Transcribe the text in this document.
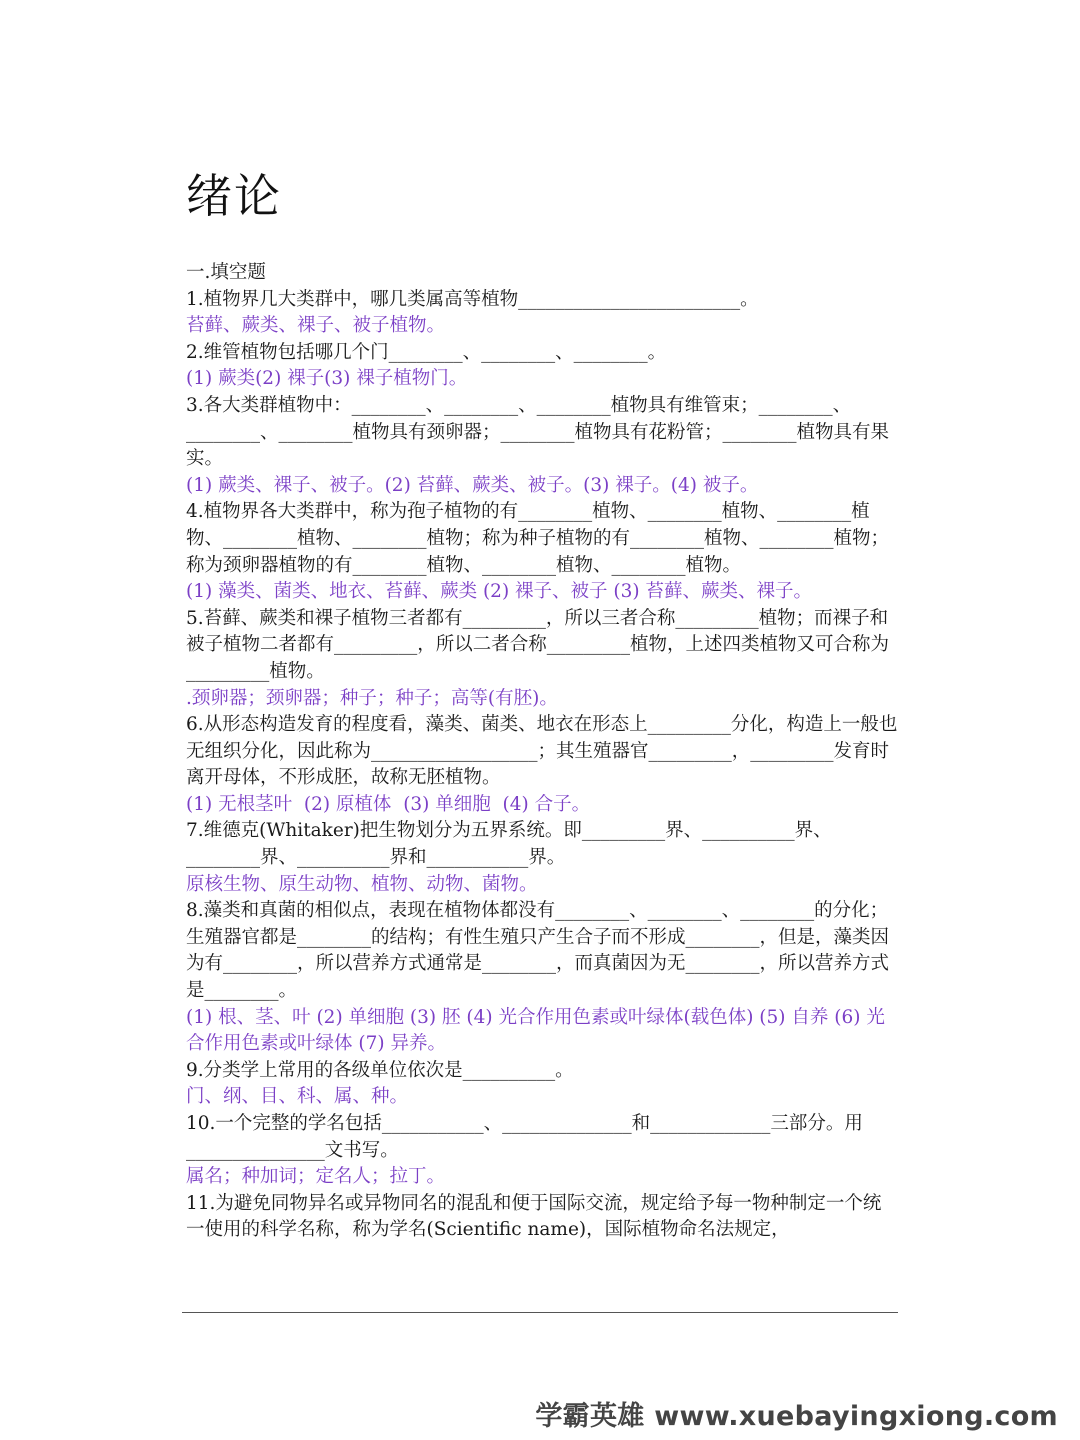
绪论

一.填空题

1.植物界几大类群中，哪几类属高等植物________________________。

苔藓、蕨类、裸子、被子植物。

2.维管植物包括哪几个门________、________、________。

(1) 蕨类(2) 裸子(3) 裸子植物门。

3.各大类群植物中：________、________、________植物具有维管束；________、________、________植物具有颈卵器；________植物具有花粉管；________植物具有果实。

(1) 蕨类、裸子、被子。(2) 苔藓、蕨类、被子。(3) 裸子。(4) 被子。

4.植物界各大类群中，称为孢子植物的有________植物、________植物、________植物、________植物、________植物；称为种子植物的有________植物、________植物；称为颈卵器植物的有________植物、________植物、________植物。

(1) 藻类、菌类、地衣、苔藓、蕨类 (2) 裸子、被子 (3) 苔藓、蕨类、裸子。

5.苔藓、蕨类和裸子植物三者都有_________，所以三者合称_________植物；而裸子和被子植物二者都有_________，所以二者合称_________植物，上述四类植物又可合称为_________植物。

.颈卵器；颈卵器；种子；种子；高等(有胚)。

6.从形态构造发育的程度看，藻类、菌类、地衣在形态上_________分化，构造上一般也无组织分化，因此称为__________________；其生殖器官_________，_________发育时离开母体，不形成胚，故称无胚植物。

(1) 无根茎叶  (2) 原植体  (3) 单细胞  (4) 合子。

7.维德克(Whitaker)把生物划分为五界系统。即_________界、__________界、________界、__________界和___________界。

原核生物、原生动物、植物、动物、菌物。

8.藻类和真菌的相似点，表现在植物体都没有________、________、________的分化； 生殖器官都是________的结构；有性生殖只产生合子而不形成________，但是，藻类因为有________，所以营养方式通常是________，而真菌因为无________，所以营养方式是________。

(1) 根、茎、叶 (2) 单细胞 (3) 胚 (4) 光合作用色素或叶绿体(载色体) (5) 自养 (6) 光合作用色素或叶绿体 (7) 异养。

9.分类学上常用的各级单位依次是__________。

门、纲、目、科、属、种。

10.一个完整的学名包括___________、______________和_____________三部分。用_______________文书写。

属名；种加词；定名人；拉丁。

11.为避免同物异名或异物同名的混乱和便于国际交流，规定给予每一物种制定一个统一使用的科学名称，称为学名(Scientific name)，国际植物命名法规定，

学霸英雄 www.xuebayingxiong.com
